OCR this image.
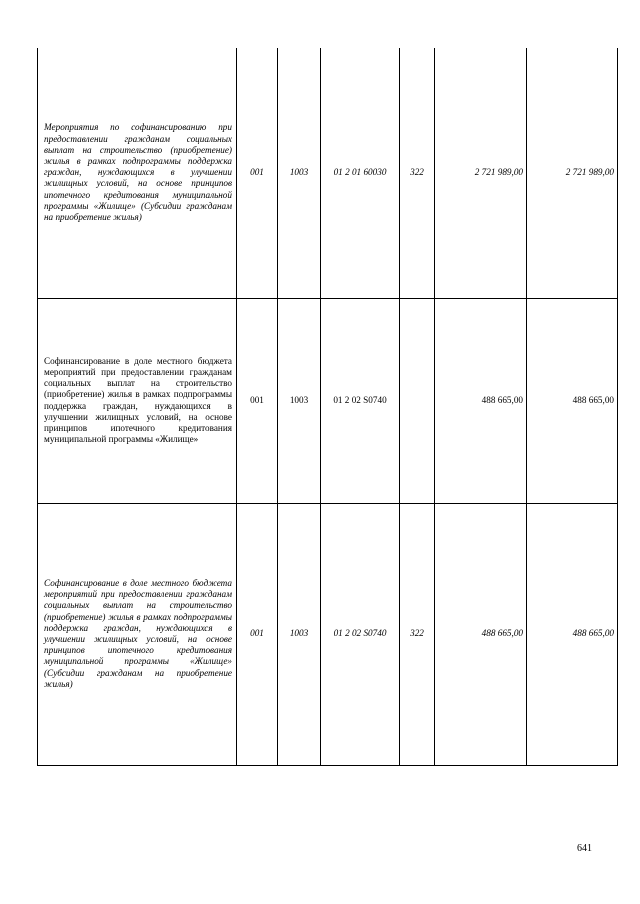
Мероприятия по софинансированию при предоставлении гражданам социальных выплат на строительство (приобретение) жилья в рамках подпрограммы поддержка граждан, нуждающихся в улучшении жилищных условий, на основе принципов ипотечного кредитования муниципальной программы «Жилище» (Субсидии гражданам на приобретение жилья)	001	1003	01 2 01 60030	322	2 721 989,00	2 721 989,00
Софинансирование в доле местного бюджета мероприятий при предоставлении гражданам социальных выплат на строительство (приобретение) жилья в рамках подпрограммы поддержка граждан, нуждающихся в улучшении жилищных условий, на основе принципов ипотечного кредитования муниципальной программы «Жилище»	001	1003	01 2 02 S0740		488 665,00	488 665,00
Софинансирование в доле местного бюджета мероприятий при предоставлении гражданам социальных выплат на строительство (приобретение) жилья в рамках подпрограммы поддержка граждан, нуждающихся в улучшении жилищных условий, на основе принципов ипотечного кредитования муниципальной программы «Жилище» (Субсидии гражданам на приобретение жилья)	001	1003	01 2 02 S0740	322	488 665,00	488 665,00
641
